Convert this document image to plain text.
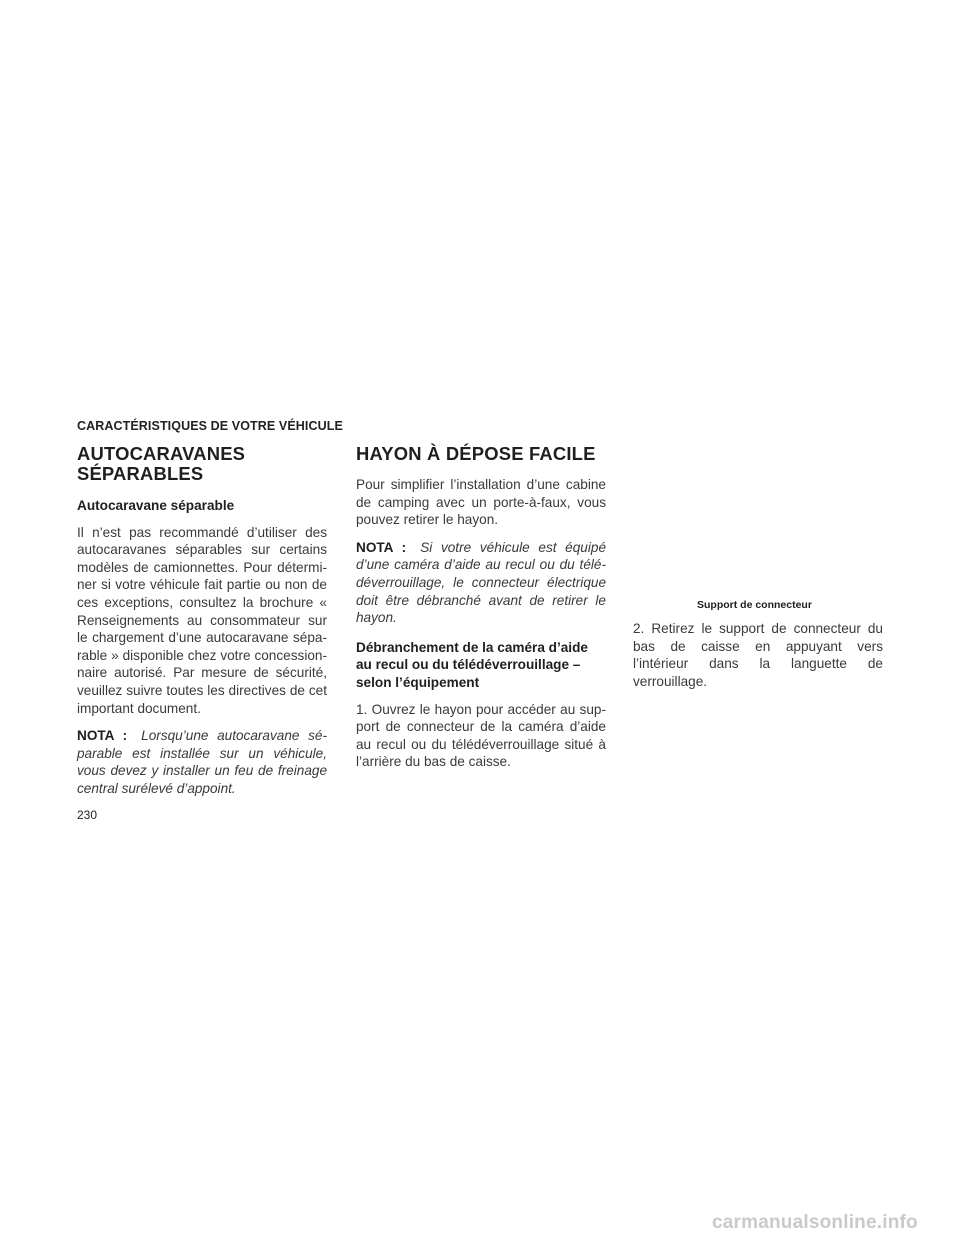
CARACTÉRISTIQUES DE VOTRE VÉHICULE
AUTOCARAVANES
SÉPARABLES
Autocaravane séparable

Il n’est pas recommandé d’utiliser des autocaravanes séparables sur certains modèles de camionnettes. Pour détermi-ner si votre véhicule fait partie ou non de ces exceptions, consultez la brochure « Renseignements au consommateur sur le chargement d’une autocaravane sépa-rable » disponible chez votre concession-naire autorisé. Par mesure de sécurité, veuillez suivre toutes les directives de cet important document.

NOTA : Lorsqu’une autocaravane sé-parable est installée sur un véhicule, vous devez y installer un feu de freinage central surélevé d’appoint.

HAYON À DÉPOSE FACILE

Pour simplifier l’installation d’une cabine de camping avec un porte-à-faux, vous pouvez retirer le hayon.

NOTA : Si votre véhicule est équipé d’une caméra d’aide au recul ou du télé-déverrouillage, le connecteur électrique doit être débranché avant de retirer le hayon.

Débranchement de la caméra d’aide au recul ou du télédéverrouillage – selon l’équipement

1. Ouvrez le hayon pour accéder au sup-port de connecteur de la caméra d’aide au recul ou du télédéverrouillage situé à l’arrière du bas de caisse.

Support de connecteur

2. Retirez le support de connecteur du bas de caisse en appuyant vers l’intérieur dans la languette de verrouillage.

230
carmanualsonline.info
